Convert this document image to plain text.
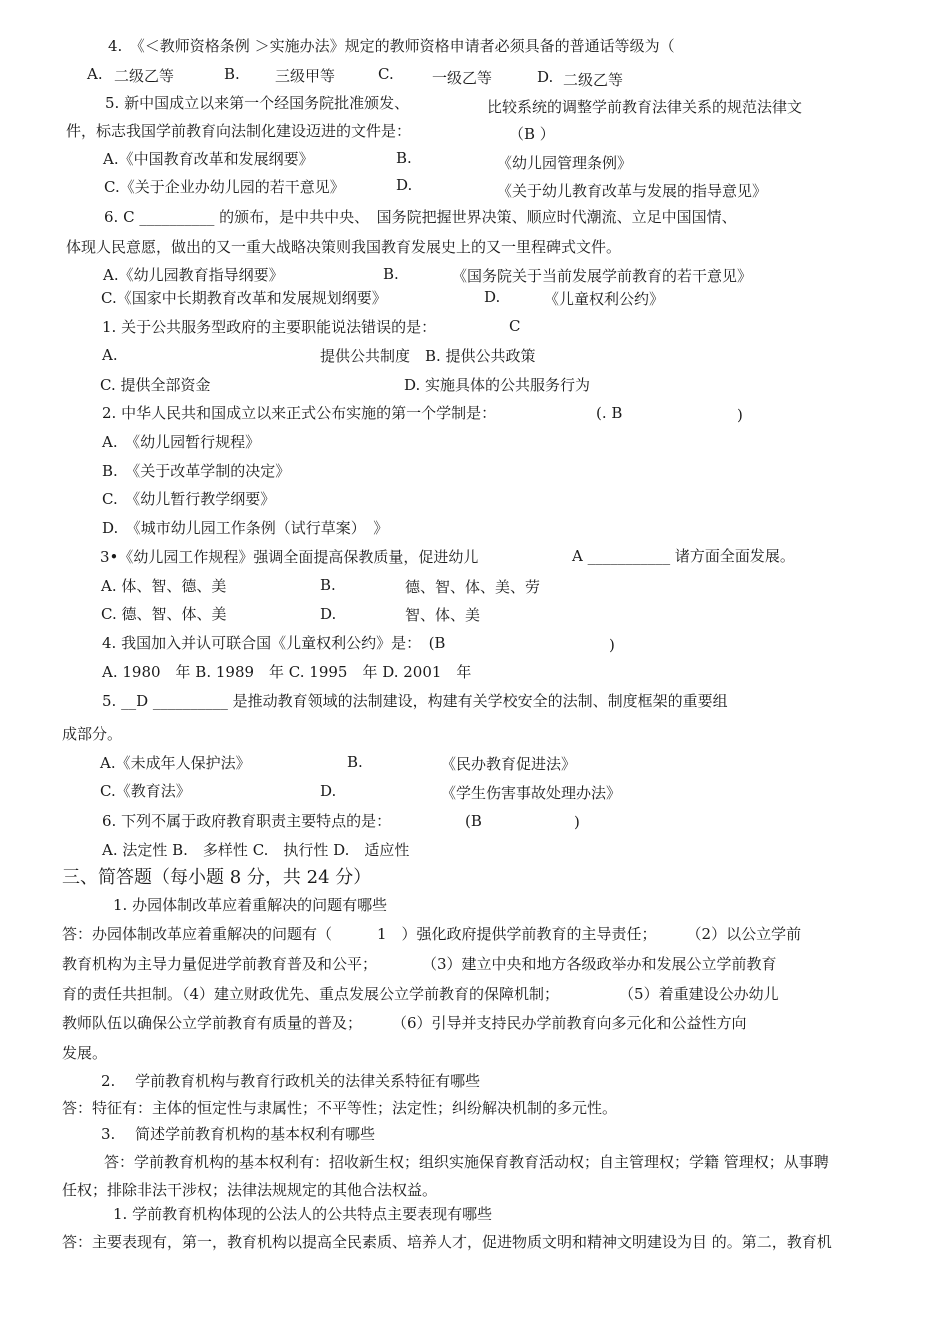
4.　《＜教师资格条例 ＞实施办法》规定的教师资格申请者必须具备的普通话等级为（
A. 二级乙等	B. 三级甲等	C.	一级乙等	D. 二级乙等
5. 新中国成立以来第一个经国务院批准颁发、	比较系统的调整学前教育法律关系的规范法律文
件，标志我国学前教育向法制化建设迈进的文件是：	（B ）
A.《中国教育改革和发展纲要》	B.	《幼儿园管理条例》
C.《关于企业办幼儿园的若干意见》	D.	《关于幼儿教育改革与发展的指导意见》
6. C __________ 的颁布，是中共中央、　国务院把握世界决策、顺应时代潮流、立足中国国情、
体现人民意愿，做出的又一重大战略决策则我国教育发展史上的又一里程碑式文件。
A.《幼儿园教育指导纲要》	B.	《国务院关于当前发展学前教育的若干意见》
C.《国家中长期教育改革和发展规划纲要》	D.	《儿童权利公约》
1. 关于公共服务型政府的主要职能说法错误的是：	C
A.	提供公共制度　B. 提供公共政策
C. 提供全部资金	D. 实施具体的公共服务行为
2. 中华人民共和国成立以来正式公布实施的第一个学制是：	(. B	)
A.　《幼儿园暂行规程》
B.　《关于改革学制的决定》
C.　《幼儿暂行教学纲要》
D.　《城市幼儿园工作条例（试行草案）　》
3•《幼儿园工作规程》强调全面提高保教质量，促进幼儿	A ___________ 诸方面全面发展。
A. 体、智、德、美	B.	德、智、体、美、劳
C. 德、智、体、美	D.	智、体、美
4. 我国加入并认可联合国《儿童权利公约》是：　(B	)
A. 1980　年 B. 1989　年 C. 1995　年 D. 2001　年
5. __D __________ 是推动教育领域的法制建设，构建有关学校安全的法制、制度框架的重要组
成部分。
A.《未成年人保护法》	B.	《民办教育促进法》
C.《教育法》	D.	《学生伤害事故处理办法》
6. 下列不属于政府教育职责主要特点的是：	(B	)
A. 法定性 B.　多样性 C.　执行性 D.　适应性
三、简答题（每小题 8 分，共 24 分）
1. 办园体制改革应着重解决的问题有哪些
答：办园体制改革应着重解决的问题有（　　　1　）强化政府提供学前教育的主导责任；　　　（2）以公立学前
教育机构为主导力量促进学前教育普及和公平；　　　　（3）建立中央和地方各级政举办和发展公立学前教育
育的责任共担制。（4）建立财政优先、重点发展公立学前教育的保障机制；　　　　　（5）着重建设公办幼儿
教师队伍以确保公立学前教育有质量的普及；　　　（6）引导并支持民办学前教育向多元化和公益性方向
发展。
2.　 学前教育机构与教育行政机关的法律关系特征有哪些
答：特征有：主体的恒定性与隶属性；不平等性；法定性；纠纷解决机制的多元性。
3.　 简述学前教育机构的基本权利有哪些
答：学前教育机构的基本权利有：招收新生权；组织实施保育教育活动权；自主管理权；学籍 管理权；从事聘
任权；排除非法干涉权；法律法规规定的其他合法权益。
1. 学前教育机构体现的公法人的公共特点主要表现有哪些
答：主要表现有，第一，教育机构以提高全民素质、培养人才，促进物质文明和精神文明建设为目 的。第二，教育机
